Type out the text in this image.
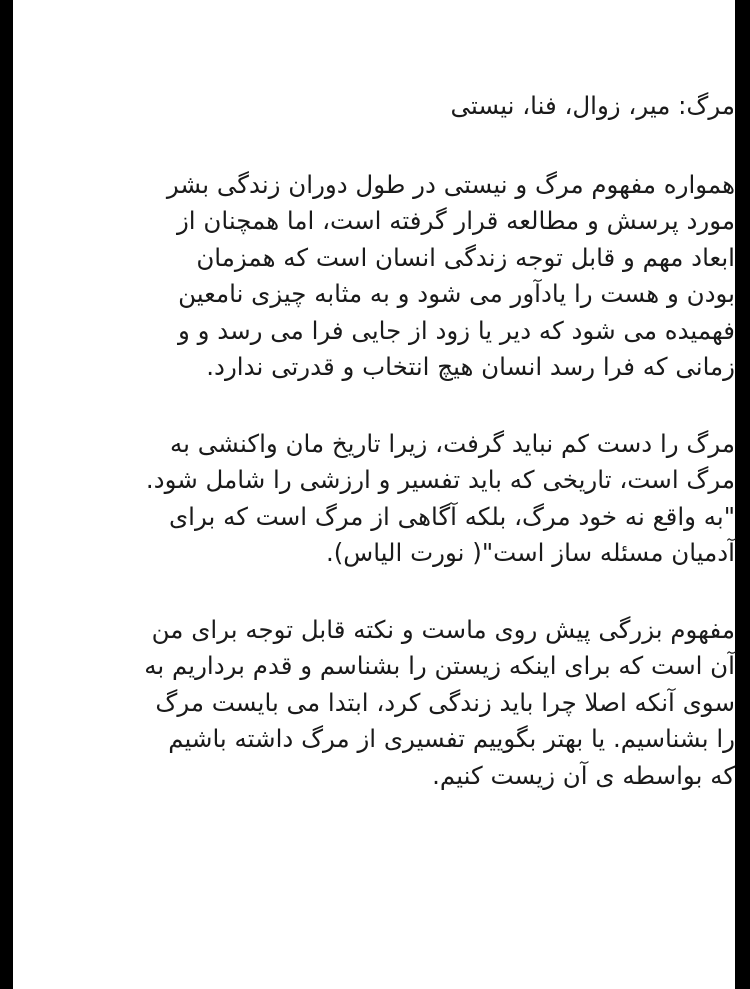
مرگ: میر، زوال، فنا، نیستی

همواره مفهوم مرگ و نیستی در طول دوران زندگی بشر
مورد پرسش و مطالعه قرار گرفته است، اما همچنان از
ابعاد مهم و قابل توجه زندگی انسان است که همزمان
بودن و هست را یادآور می شود و به مثابه چیزی نامعین
فهمیده می شود که دیر یا زود از جایی فرا می رسد و و
زمانی که فرا رسد انسان هیچ انتخاب و قدرتی ندارد.

مرگ را دست کم نباید گرفت، زیرا تاریخ مان واکنشی به
مرگ است، تاریخی که باید تفسیر و ارزشی را شامل شود.
"به واقع نه خود مرگ، بلکه آگاهی از مرگ است که برای
آدمیان مسئله ساز است"( نورت الیاس).

مفهوم بزرگی پیش روی ماست و نکته قابل توجه برای من
آن است که برای اینکه زیستن را بشناسم و قدم برداریم به
سوی آنکه اصلا چرا باید زندگی کرد، ابتدا می بایست مرگ
را بشناسیم. یا بهتر بگوییم تفسیری از مرگ داشته باشیم
که بواسطه ی آن زیست کنیم.
